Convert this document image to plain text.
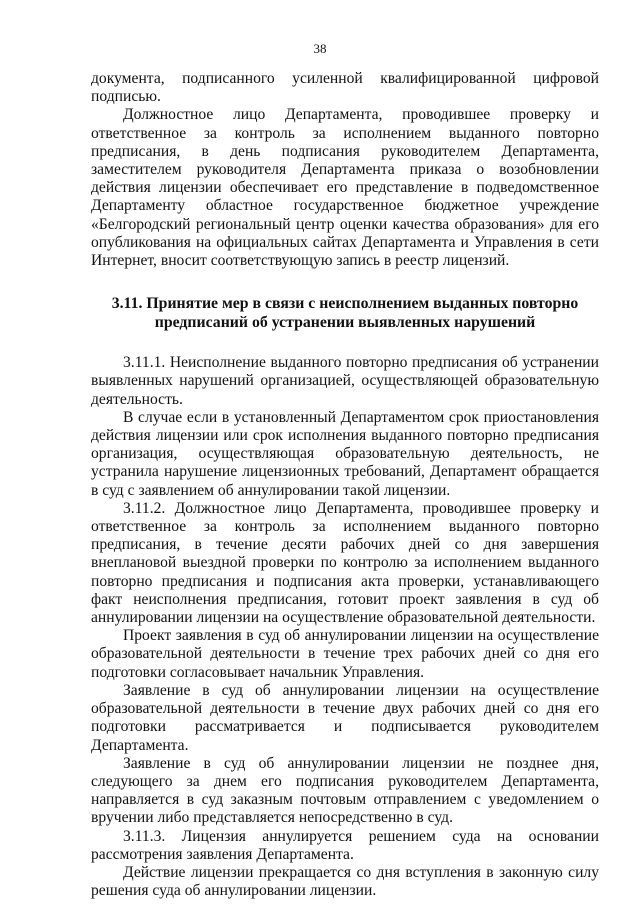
38

документа, подписанного усиленной квалифицированной цифровой подписью.

Должностное лицо Департамента, проводившее проверку и ответственное за контроль за исполнением выданного повторно предписания, в день подписания руководителем Департамента, заместителем руководителя Департамента приказа о возобновлении действия лицензии обеспечивает его представление в подведомственное Департаменту областное государственное бюджетное учреждение «Белгородский региональный центр оценки качества образования» для его опубликования на официальных сайтах Департамента и Управления в сети Интернет, вносит соответствующую запись в реестр лицензий.

3.11. Принятие мер в связи с неисполнением выданных повторно предписаний об устранении выявленных нарушений

3.11.1. Неисполнение выданного повторно предписания об устранении выявленных нарушений организацией, осуществляющей образовательную деятельность.

В случае если в установленный Департаментом срок приостановления действия лицензии или срок исполнения выданного повторно предписания организация, осуществляющая образовательную деятельность, не устранила нарушение лицензионных требований, Департамент обращается в суд с заявлением об аннулировании такой лицензии.

3.11.2. Должностное лицо Департамента, проводившее проверку и ответственное за контроль за исполнением выданного повторно предписания, в течение десяти рабочих дней со дня завершения внеплановой выездной проверки по контролю за исполнением выданного повторно предписания и подписания акта проверки, устанавливающего факт неисполнения предписания, готовит проект заявления в суд об аннулировании лицензии на осуществление образовательной деятельности.

Проект заявления в суд об аннулировании лицензии на осуществление образовательной деятельности в течение трех рабочих дней со дня его подготовки согласовывает начальник Управления.

Заявление в суд об аннулировании лицензии на осуществление образовательной деятельности в течение двух рабочих дней со дня его подготовки рассматривается и подписывается руководителем Департамента.

Заявление в суд об аннулировании лицензии не позднее дня, следующего за днем его подписания руководителем Департамента, направляется в суд заказным почтовым отправлением с уведомлением о вручении либо представляется непосредственно в суд.

3.11.3. Лицензия аннулируется решением суда на основании рассмотрения заявления Департамента.

Действие лицензии прекращается со дня вступления в законную силу решения суда об аннулировании лицензии.
